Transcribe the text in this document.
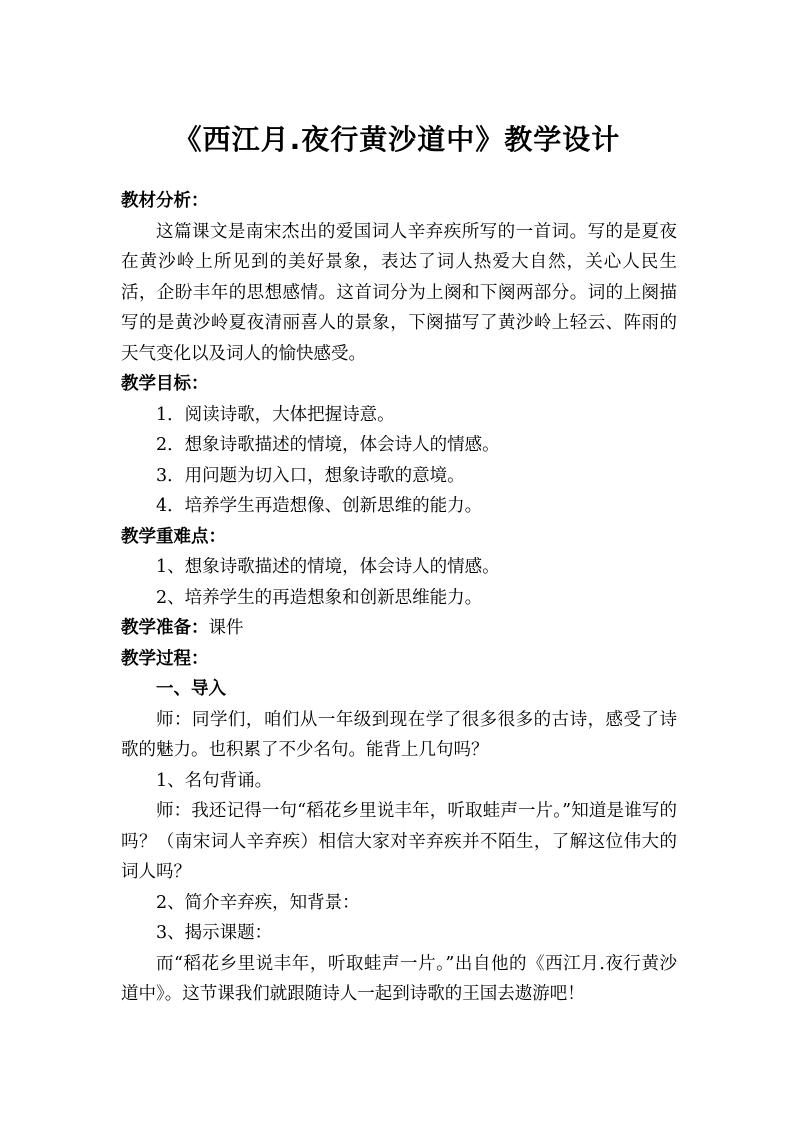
《西江月.夜行黄沙道中》教学设计

教材分析：

这篇课文是南宋杰出的爱国词人辛弃疾所写的一首词。写的是夏夜在黄沙岭上所见到的美好景象，表达了词人热爱大自然，关心人民生活，企盼丰年的思想感情。这首词分为上阕和下阕两部分。词的上阕描写的是黄沙岭夏夜清丽喜人的景象，下阕描写了黄沙岭上轻云、阵雨的天气变化以及词人的愉快感受。

教学目标：

1．阅读诗歌，大体把握诗意。

2．想象诗歌描述的情境，体会诗人的情感。

3．用问题为切入口，想象诗歌的意境。

4．培养学生再造想像、创新思维的能力。

教学重难点：

1、想象诗歌描述的情境，体会诗人的情感。

2、培养学生的再造想象和创新思维能力。

教学准备：课件

教学过程：

一、导入

师：同学们，咱们从一年级到现在学了很多很多的古诗，感受了诗歌的魅力。也积累了不少名句。能背上几句吗？

1、名句背诵。

师：我还记得一句“稻花乡里说丰年，听取蛙声一片。”知道是谁写的吗？（南宋词人辛弃疾）相信大家对辛弃疾并不陌生，了解这位伟大的词人吗？

2、简介辛弃疾，知背景：

3、揭示课题：

而“稻花乡里说丰年，听取蛙声一片。”出自他的《西江月.夜行黄沙道中》。这节课我们就跟随诗人一起到诗歌的王国去遨游吧！
